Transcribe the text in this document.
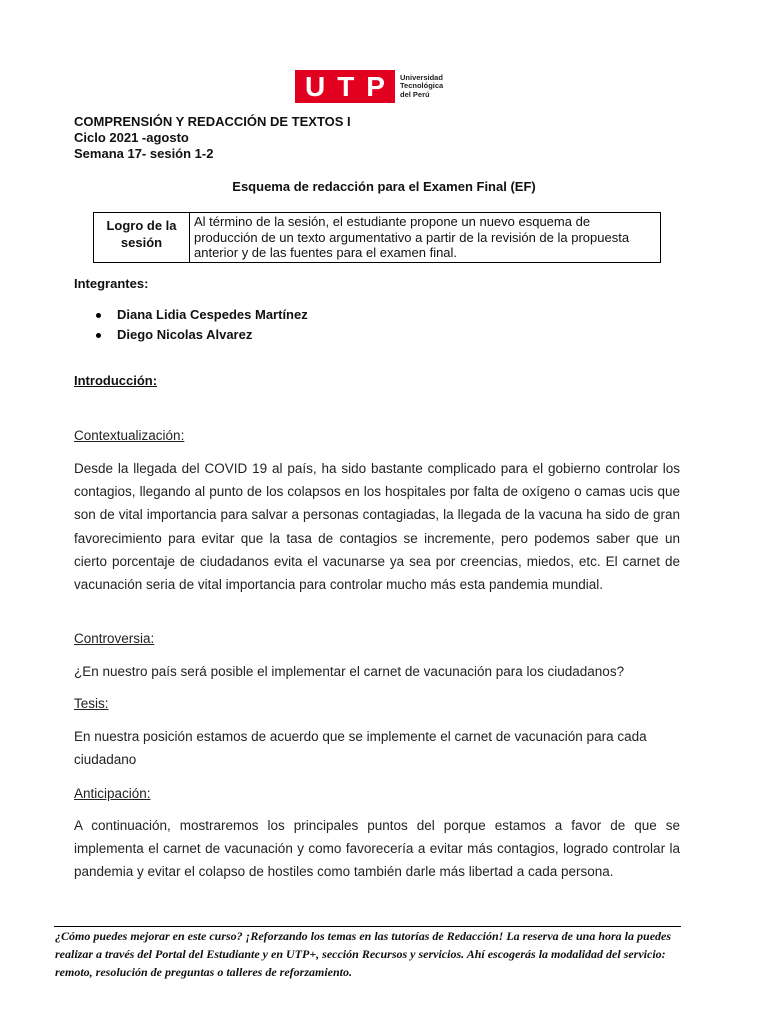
U T P Universidad
Tecnológica
del Perú
COMPRENSIÓN Y REDACCIÓN DE TEXTOS I
Ciclo 2021 -agosto
Semana 17- sesión 1-2
Esquema de redacción para el Examen Final (EF)
Logro de la sesión	Al término de la sesión, el estudiante propone un nuevo esquema de producción de un texto argumentativo a partir de la revisión de la propuesta anterior y de las fuentes para el examen final.
Integrantes:
Diana Lidia Cespedes Martínez
Diego Nicolas Alvarez
Introducción:
Contextualización:
Desde la llegada del COVID 19 al país, ha sido bastante complicado para el gobierno controlar los contagios, llegando al punto de los colapsos en los hospitales por falta de oxígeno o camas ucis que son de vital importancia para salvar a personas contagiadas, la llegada de la vacuna ha sido de gran favorecimiento para evitar que la tasa de contagios se incremente, pero podemos saber que un cierto porcentaje de ciudadanos evita el vacunarse ya sea por creencias, miedos, etc. El carnet de vacunación seria de vital importancia para controlar mucho más esta pandemia mundial.
Controversia:
¿En nuestro país será posible el implementar el carnet de vacunación para los ciudadanos?
Tesis:
En nuestra posición estamos de acuerdo que se implemente el carnet de vacunación para cada ciudadano
Anticipación:
A continuación, mostraremos los principales puntos del porque estamos a favor de que se implementa el carnet de vacunación y como favorecería a evitar más contagios, logrado controlar la pandemia y evitar el colapso de hostiles como también darle más libertad a cada persona.
¿Cómo puedes mejorar en este curso? ¡Reforzando los temas en las tutorías de Redacción! La reserva de una hora la puedes realizar a través del Portal del Estudiante y en UTP+, sección Recursos y servicios. Ahí escogerás la modalidad del servicio: remoto, resolución de preguntas o talleres de reforzamiento.
